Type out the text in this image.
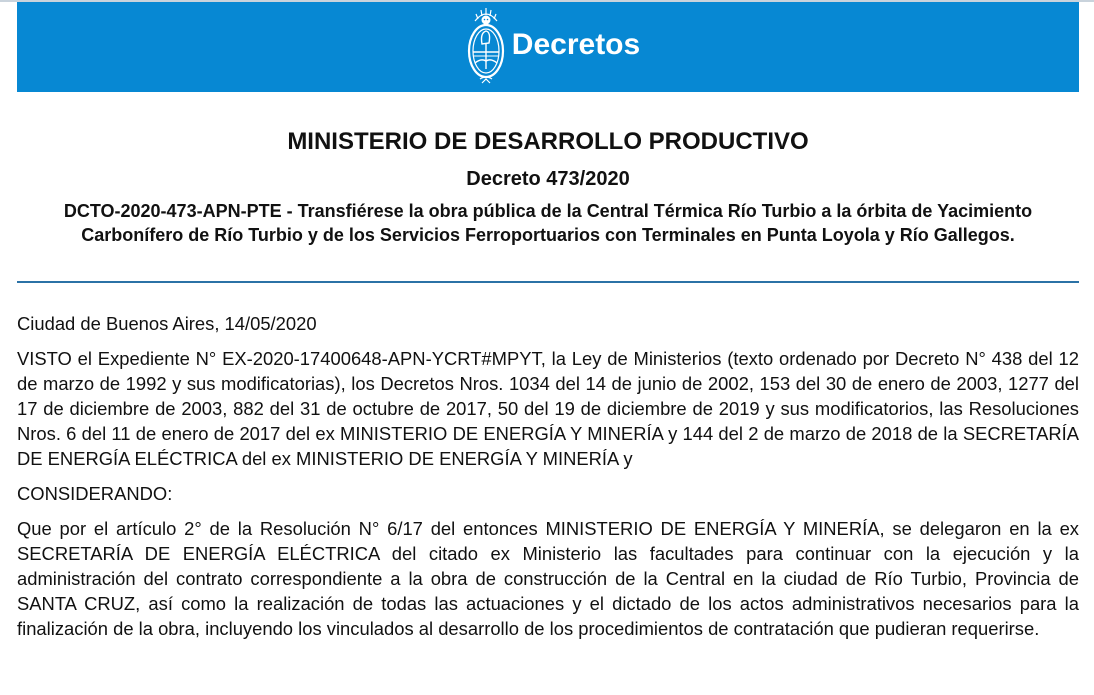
Decretos
MINISTERIO DE DESARROLLO PRODUCTIVO
Decreto 473/2020
DCTO-2020-473-APN-PTE - Transfiérese la obra pública de la Central Térmica Río Turbio a la órbita de Yacimiento Carbonífero de Río Turbio y de los Servicios Ferroportuarios con Terminales en Punta Loyola y Río Gallegos.

Ciudad de Buenos Aires, 14/05/2020

VISTO el Expediente N° EX-2020-17400648-APN-YCRT#MPYT, la Ley de Ministerios (texto ordenado por Decreto N° 438 del 12 de marzo de 1992 y sus modificatorias), los Decretos Nros. 1034 del 14 de junio de 2002, 153 del 30 de enero de 2003, 1277 del 17 de diciembre de 2003, 882 del 31 de octubre de 2017, 50 del 19 de diciembre de 2019 y sus modificatorios, las Resoluciones Nros. 6 del 11 de enero de 2017 del ex MINISTERIO DE ENERGÍA Y MINERÍA y 144 del 2 de marzo de 2018 de la SECRETARÍA DE ENERGÍA ELÉCTRICA del ex MINISTERIO DE ENERGÍA Y MINERÍA y

CONSIDERANDO:

Que por el artículo 2° de la Resolución N° 6/17 del entonces MINISTERIO DE ENERGÍA Y MINERÍA, se delegaron en la ex SECRETARÍA DE ENERGÍA ELÉCTRICA del citado ex Ministerio las facultades para continuar con la ejecución y la administración del contrato correspondiente a la obra de construcción de la Central en la ciudad de Río Turbio, Provincia de SANTA CRUZ, así como la realización de todas las actuaciones y el dictado de los actos administrativos necesarios para la finalización de la obra, incluyendo los vinculados al desarrollo de los procedimientos de contratación que pudieran requerirse.
